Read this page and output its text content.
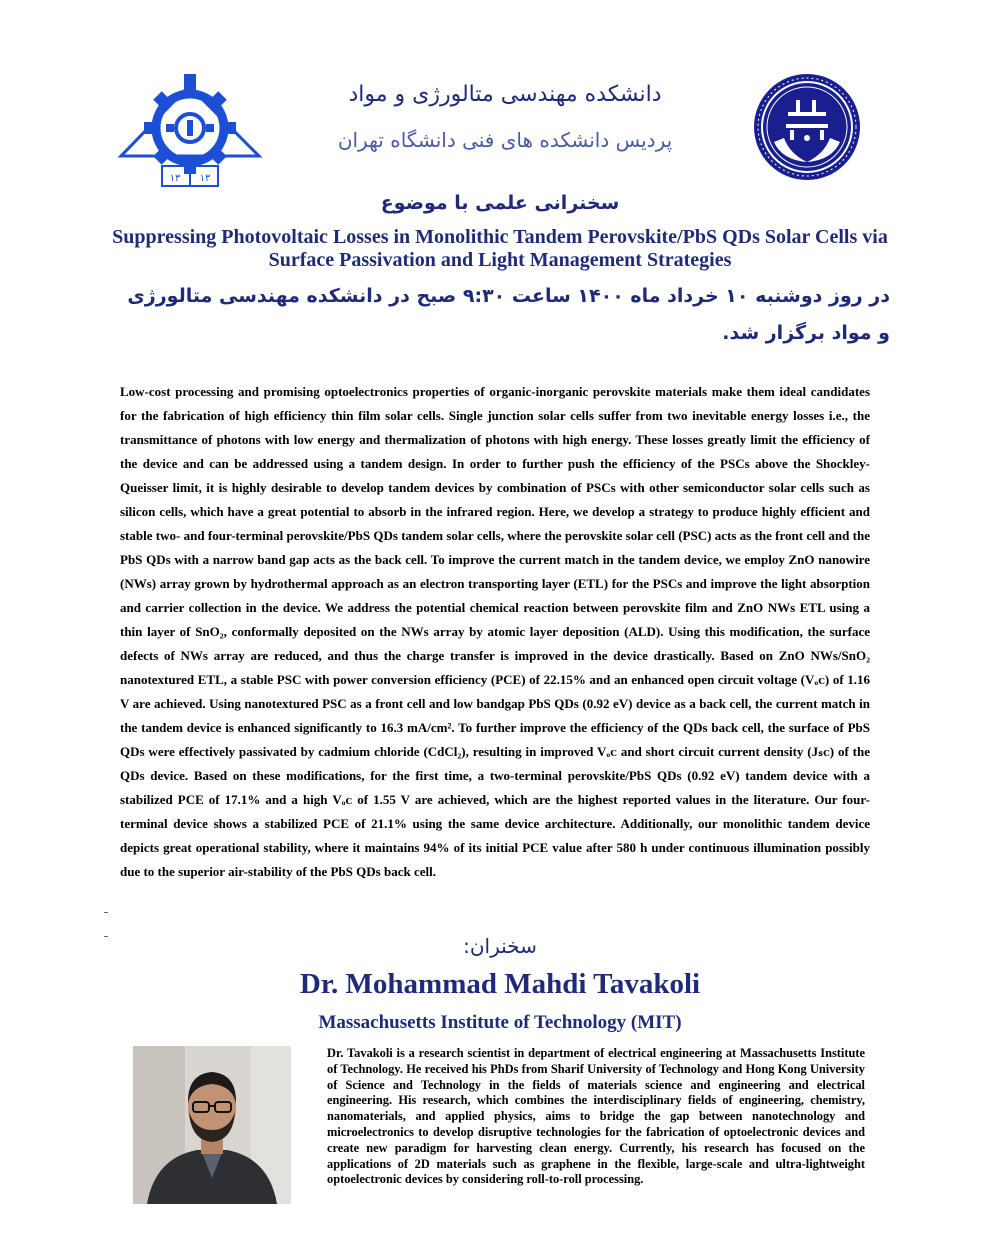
۱۳ ۱۳
دانشکده مهندسی متالورژی و مواد
پردیس دانشکده های فنی دانشگاه تهران
سخنرانی علمی با موضوع
Suppressing Photovoltaic Losses in Monolithic Tandem Perovskite/PbS QDs Solar Cells via Surface Passivation and Light Management Strategies
در روز دوشنبه ۱۰ خرداد ماه ۱۴۰۰ ساعت ۹:۳۰ صبح در دانشکده مهندسی متالورژی و مواد برگزار شد.

Low-cost processing and promising optoelectronics properties of organic-inorganic perovskite materials make them ideal candidates for the fabrication of high efficiency thin film solar cells. Single junction solar cells suffer from two inevitable energy losses i.e., the transmittance of photons with low energy and thermalization of photons with high energy. These losses greatly limit the efficiency of the device and can be addressed using a tandem design. In order to further push the efficiency of the PSCs above the Shockley-Queisser limit, it is highly desirable to develop tandem devices by combination of PSCs with other semiconductor solar cells such as silicon cells, which have a great potential to absorb in the infrared region. Here, we develop a strategy to produce highly efficient and stable two- and four-terminal perovskite/PbS QDs tandem solar cells, where the perovskite solar cell (PSC) acts as the front cell and the PbS QDs with a narrow band gap acts as the back cell. To improve the current match in the tandem device, we employ ZnO nanowire (NWs) array grown by hydrothermal approach as an electron transporting layer (ETL) for the PSCs and improve the light absorption and carrier collection in the device. We address the potential chemical reaction between perovskite film and ZnO NWs ETL using a thin layer of SnO₂, conformally deposited on the NWs array by atomic layer deposition (ALD). Using this modification, the surface defects of NWs array are reduced, and thus the charge transfer is improved in the device drastically. Based on ZnO NWs/SnO₂ nanotextured ETL, a stable PSC with power conversion efficiency (PCE) of 22.15% and an enhanced open circuit voltage (Vₒᴄ) of 1.16 V are achieved. Using nanotextured PSC as a front cell and low bandgap PbS QDs (0.92 eV) device as a back cell, the current match in the tandem device is enhanced significantly to 16.3 mA/cm². To further improve the efficiency of the QDs back cell, the surface of PbS QDs were effectively passivated by cadmium chloride (CdCl₂), resulting in improved Vₒᴄ and short circuit current density (Jₛᴄ) of the QDs device. Based on these modifications, for the first time, a two-terminal perovskite/PbS QDs (0.92 eV) tandem device with a stabilized PCE of 17.1% and a high Vₒᴄ of 1.55 V are achieved, which are the highest reported values in the literature. Our four-terminal device shows a stabilized PCE of 21.1% using the same device architecture. Additionally, our monolithic tandem device depicts great operational stability, where it maintains 94% of its initial PCE value after 580 h under continuous illumination possibly due to the superior air-stability of the PbS QDs back cell.

سخنران:
Dr. Mohammad Mahdi Tavakoli
Massachusetts Institute of Technology (MIT)
Dr. Tavakoli is a research scientist in department of electrical engineering at Massachusetts Institute of Technology. He received his PhDs from Sharif University of Technology and Hong Kong University of Science and Technology in the fields of materials science and engineering and electrical engineering. His research, which combines the interdisciplinary fields of engineering, chemistry, nanomaterials, and applied physics, aims to bridge the gap between nanotechnology and microelectronics to develop disruptive technologies for the fabrication of optoelectronic devices and create new paradigm for harvesting clean energy. Currently, his research has focused on the applications of 2D materials such as graphene in the flexible, large-scale and ultra-lightweight optoelectronic devices by considering roll-to-roll processing.
